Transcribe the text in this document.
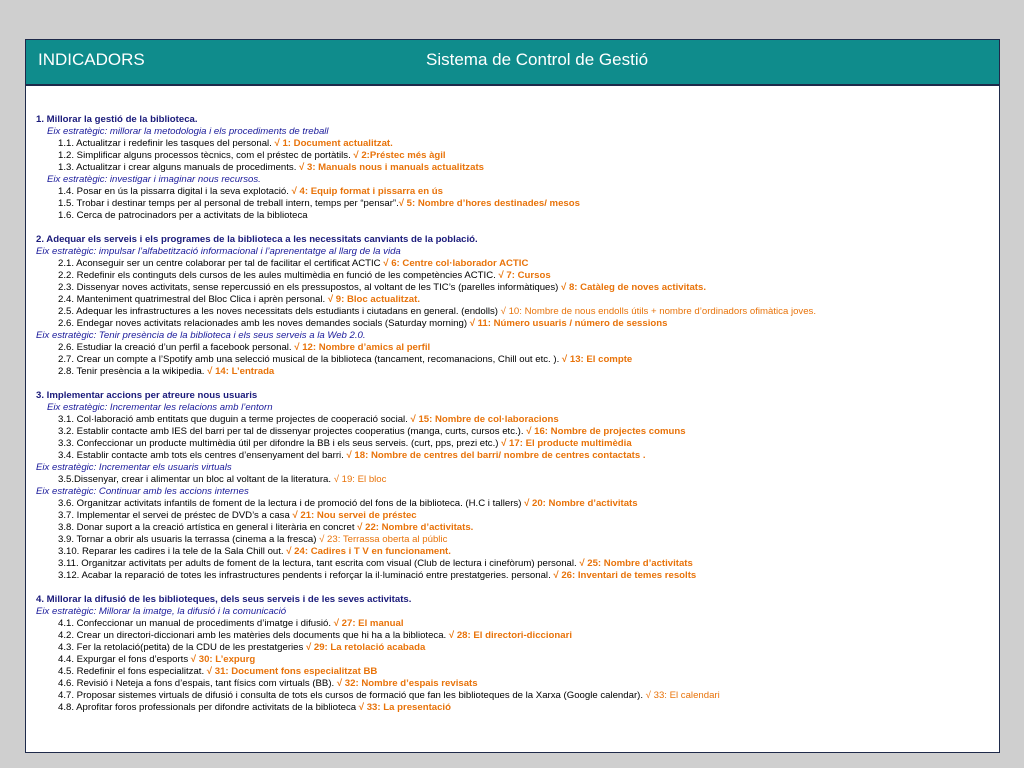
INDICADORS	Sistema de Control de Gestió
1. Millorar la gestió de la biblioteca.
Eix estratègic: millorar la metodologia i els procediments de treball
1.1. Actualitzar i redefinir les tasques del personal. √ 1: Document actualitzat.
1.2. Simplificar alguns processos tècnics, com el préstec de portàtils. √ 2:Préstec més àgil
1.3. Actualitzar i crear alguns manuals de procediments. √ 3: Manuals nous i manuals actualitzats
Eix estratègic: investigar i imaginar nous recursos.
1.4. Posar en ús la pissarra digital i la seva explotació. √ 4: Equip format i pissarra en ús
1.5. Trobar i destinar temps per al personal de treball intern, temps per “pensar”.√ 5: Nombre d’hores destinades/ mesos
1.6. Cerca de patrocinadors per a activitats de la biblioteca
2. Adequar els serveis i els programes de la biblioteca a les necessitats canviants de la població.
Eix estratègic: impulsar l’alfabetització informacional i l’aprenentatge al llarg de la vida
2.1. Aconseguir ser un centre colaborar per tal de facilitar el certificat ACTIC √ 6: Centre col·laborador ACTIC
2.2. Redefinir els continguts dels cursos de les aules multimèdia en funció de les competències ACTIC. √ 7: Cursos
2.3. Dissenyar noves activitats, sense repercussió en els pressupostos, al voltant de les TIC’s (parelles informàtiques) √ 8: Catàleg de noves activitats.
2.4. Manteniment quatrimestral del Bloc Clica i aprèn personal. √ 9: Bloc actualitzat.
2.5. Adequar les infrastructures a les noves necessitats dels estudiants i ciutadans en general. (endolls) √ 10: Nombre de nous endolls útils + nombre d’ordinadors ofimàtica joves.
2.6. Endegar noves activitats relacionades amb les noves demandes socials (Saturday morning) √ 11: Número usuaris / número de sessions
Eix estratègic: Tenir presència de la biblioteca i els seus serveis a la Web 2.0.
2.6. Estudiar la creació d’un perfil a facebook personal. √ 12: Nombre d’amics al perfil
2.7. Crear un compte a l’Spotify amb una selecció musical de la biblioteca (tancament, recomanacions, Chill out etc. ). √ 13: El compte
2.8. Tenir presència a la wikipedia. √ 14: L’entrada
3. Implementar accions per atreure nous usuaris
Eix estratègic: Incrementar les relacions amb l’entorn
3.1. Col·laboració amb entitats que duguin a terme projectes de cooperació social. √ 15: Nombre de col·laboracions
3.2. Establir contacte amb IES del barri per tal de dissenyar projectes cooperatius (manga, curts, cursos etc.). √ 16: Nombre de projectes comuns
3.3. Confeccionar un producte multimèdia útil per difondre la BB i els seus serveis. (curt, pps, prezi etc.) √ 17: El producte multimèdia
3.4. Establir contacte amb tots els centres d’ensenyament del barri. √ 18: Nombre de centres del barri/ nombre de centres contactats .
Eix estratègic: Incrementar els usuaris virtuals
3.5.Dissenyar, crear i alimentar un bloc al voltant de la literatura. √ 19: El bloc
Eix estratègic: Continuar amb les accions internes
3.6. Organitzar activitats infantils de foment de la lectura i de promoció del fons de la biblioteca. (H.C i tallers) √ 20: Nombre d’activitats
3.7. Implementar el servei de préstec de DVD’s a casa √ 21: Nou servei de préstec
3.8. Donar suport a la creació artística en general i literària en concret √ 22: Nombre d’activitats.
3.9. Tornar a obrir als usuaris la terrassa (cinema a la fresca) √ 23: Terrassa oberta al públic
3.10. Reparar les cadires i la tele de la Sala Chill out. √ 24: Cadires i T V en funcionament.
3.11. Organitzar activitats per adults de foment de la lectura, tant escrita com visual (Club de lectura i cinefòrum) personal. √ 25: Nombre d’activitats
3.12. Acabar la reparació de totes les infrastructures pendents i reforçar la il·luminació entre prestatgeries. personal. √ 26: Inventari de temes resolts
4. Millorar la difusió de les biblioteques, dels seus serveis i de les seves activitats.
Eix estratègic: Millorar la imatge, la difusió i la comunicació
4.1. Confeccionar un manual de procediments d’imatge i difusió. √ 27: El manual
4.2. Crear un directori-diccionari amb les matèries dels documents que hi ha a la biblioteca. √ 28: El directori-diccionari
4.3. Fer la retolació(petita) de la CDU de les prestatgeries √ 29: La retolació acabada
4.4. Expurgar el fons d’esports √ 30: L’expurg
4.5. Redefinir el fons especialitzat. √ 31: Document fons especialitzat BB
4.6. Revisió i Neteja a fons d’espais, tant físics com virtuals (BB). √ 32: Nombre d’espais revisats
4.7. Proposar sistemes virtuals de difusió i consulta de tots els cursos de formació que fan les biblioteques de la Xarxa (Google calendar). √ 33: El calendari
4.8. Aprofitar foros professionals per difondre activitats de la biblioteca √ 33: La presentació
